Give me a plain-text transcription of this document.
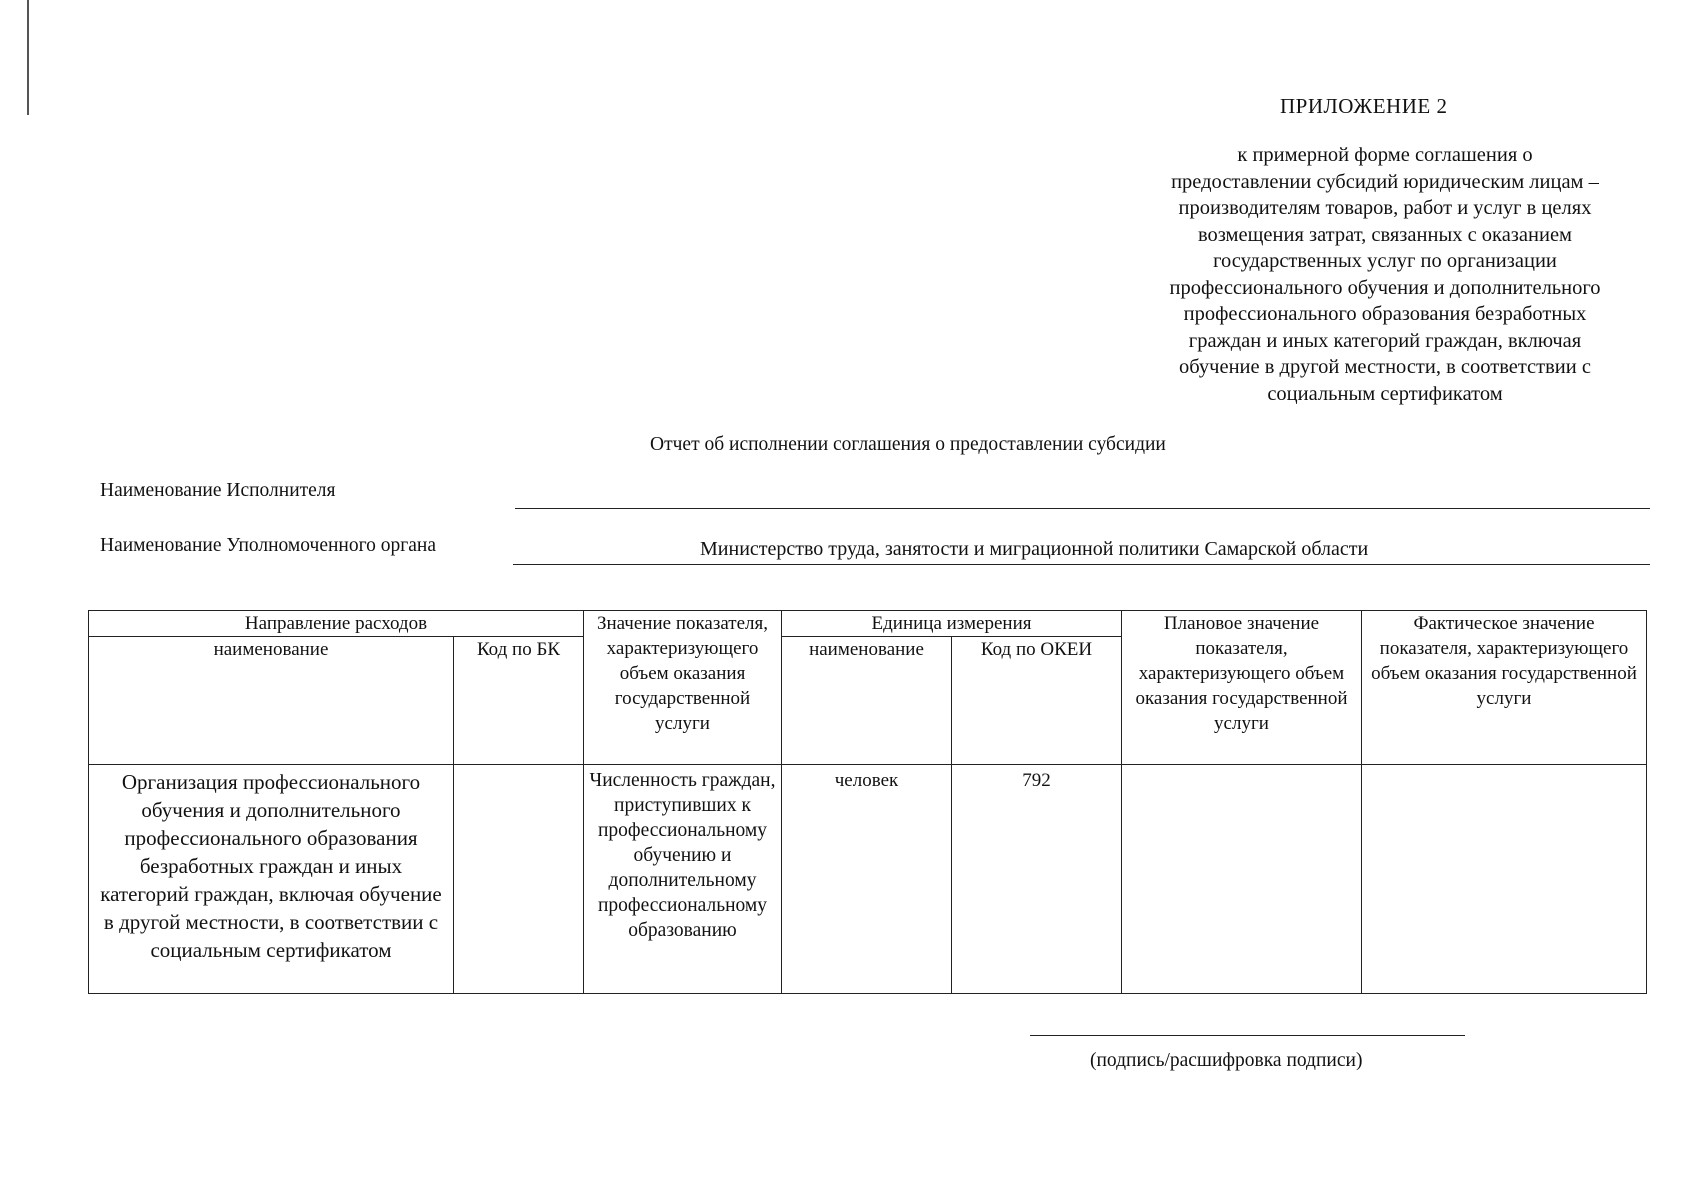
ПРИЛОЖЕНИЕ 2
к примерной форме соглашения о
предоставлении субсидий юридическим лицам –
производителям товаров, работ и услуг в целях
возмещения затрат, связанных с оказанием
государственных услуг по организации
профессионального обучения и дополнительного
профессионального образования безработных
граждан и иных категорий граждан, включая
обучение в другой местности, в соответствии с
социальным сертификатом
Отчет об исполнении соглашения о предоставлении субсидии
Наименование Исполнителя
Наименование Уполномоченного органа	Министерство труда, занятости и миграционной политики Самарской области
Направление расходов		Значение показателя, характеризующего объем оказания государственной услуги	Единица измерения		Плановое значение показателя, характеризующего объем оказания государственной услуги	Фактическое значение показателя, характеризующего объем оказания государственной услуги
наименование	Код по БК		наименование	Код по ОКЕИ		
Организация профессионального обучения и дополнительного профессионального образования безработных граждан и иных категорий граждан, включая обучение в другой местности, в соответствии с социальным сертификатом		Численность граждан, приступивших к профессиональному обучению и дополнительному профессиональному образованию	человек	792		
(подпись/расшифровка подписи)
